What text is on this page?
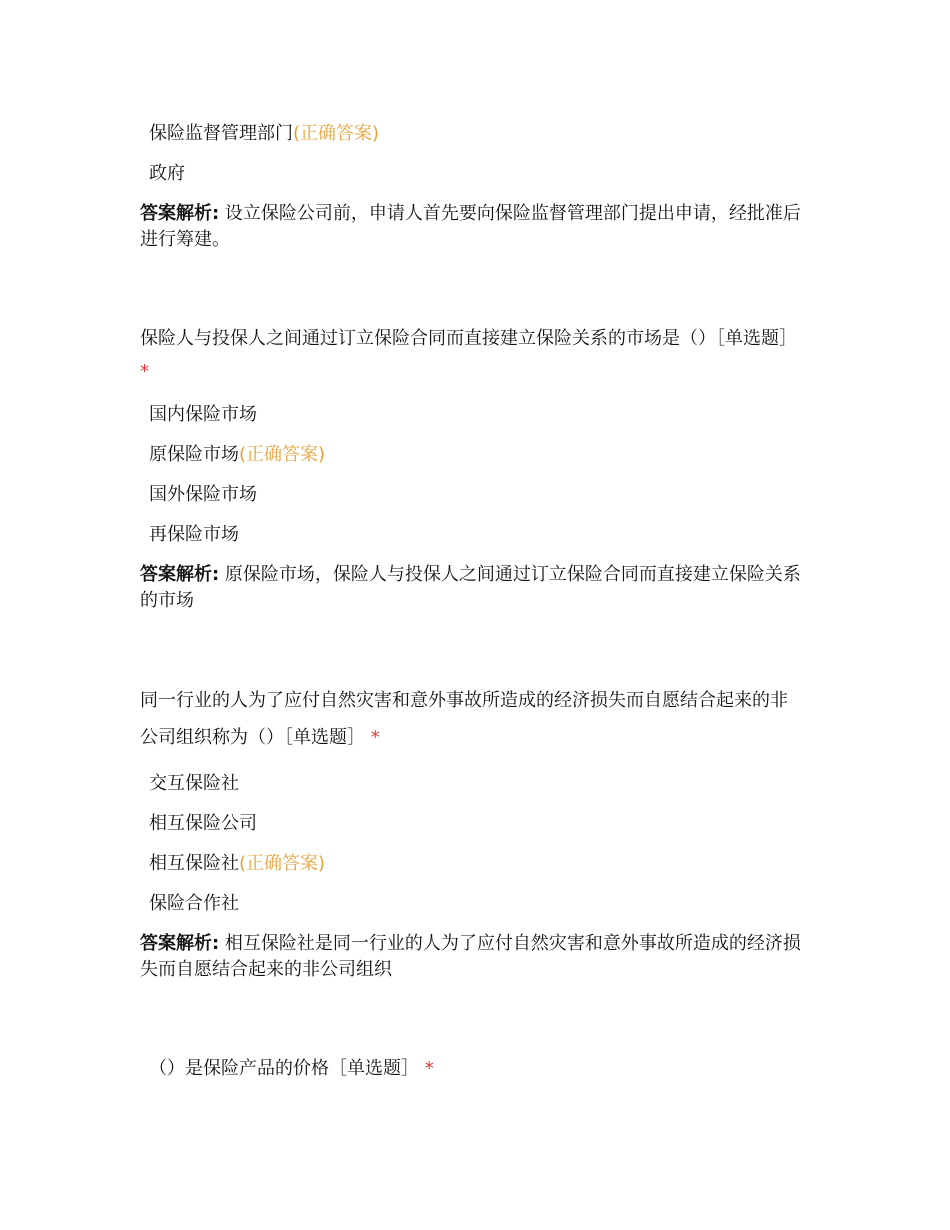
保险监督管理部门(正确答案)
政府
答案解析: 设立保险公司前，申请人首先要向保险监督管理部门提出申请，经批准后进行筹建。
保险人与投保人之间通过订立保险合同而直接建立保险关系的市场是（）［单选题］
*
国内保险市场
原保险市场(正确答案)
国外保险市场
再保险市场
答案解析: 原保险市场，保险人与投保人之间通过订立保险合同而直接建立保险关系的市场
同一行业的人为了应付自然灾害和意外事故所造成的经济损失而自愿结合起来的非
公司组织称为（）［单选题］ *
交互保险社
相互保险公司
相互保险社(正确答案)
保险合作社
答案解析: 相互保险社是同一行业的人为了应付自然灾害和意外事故所造成的经济损失而自愿结合起来的非公司组织
（）是保险产品的价格［单选题］ *
